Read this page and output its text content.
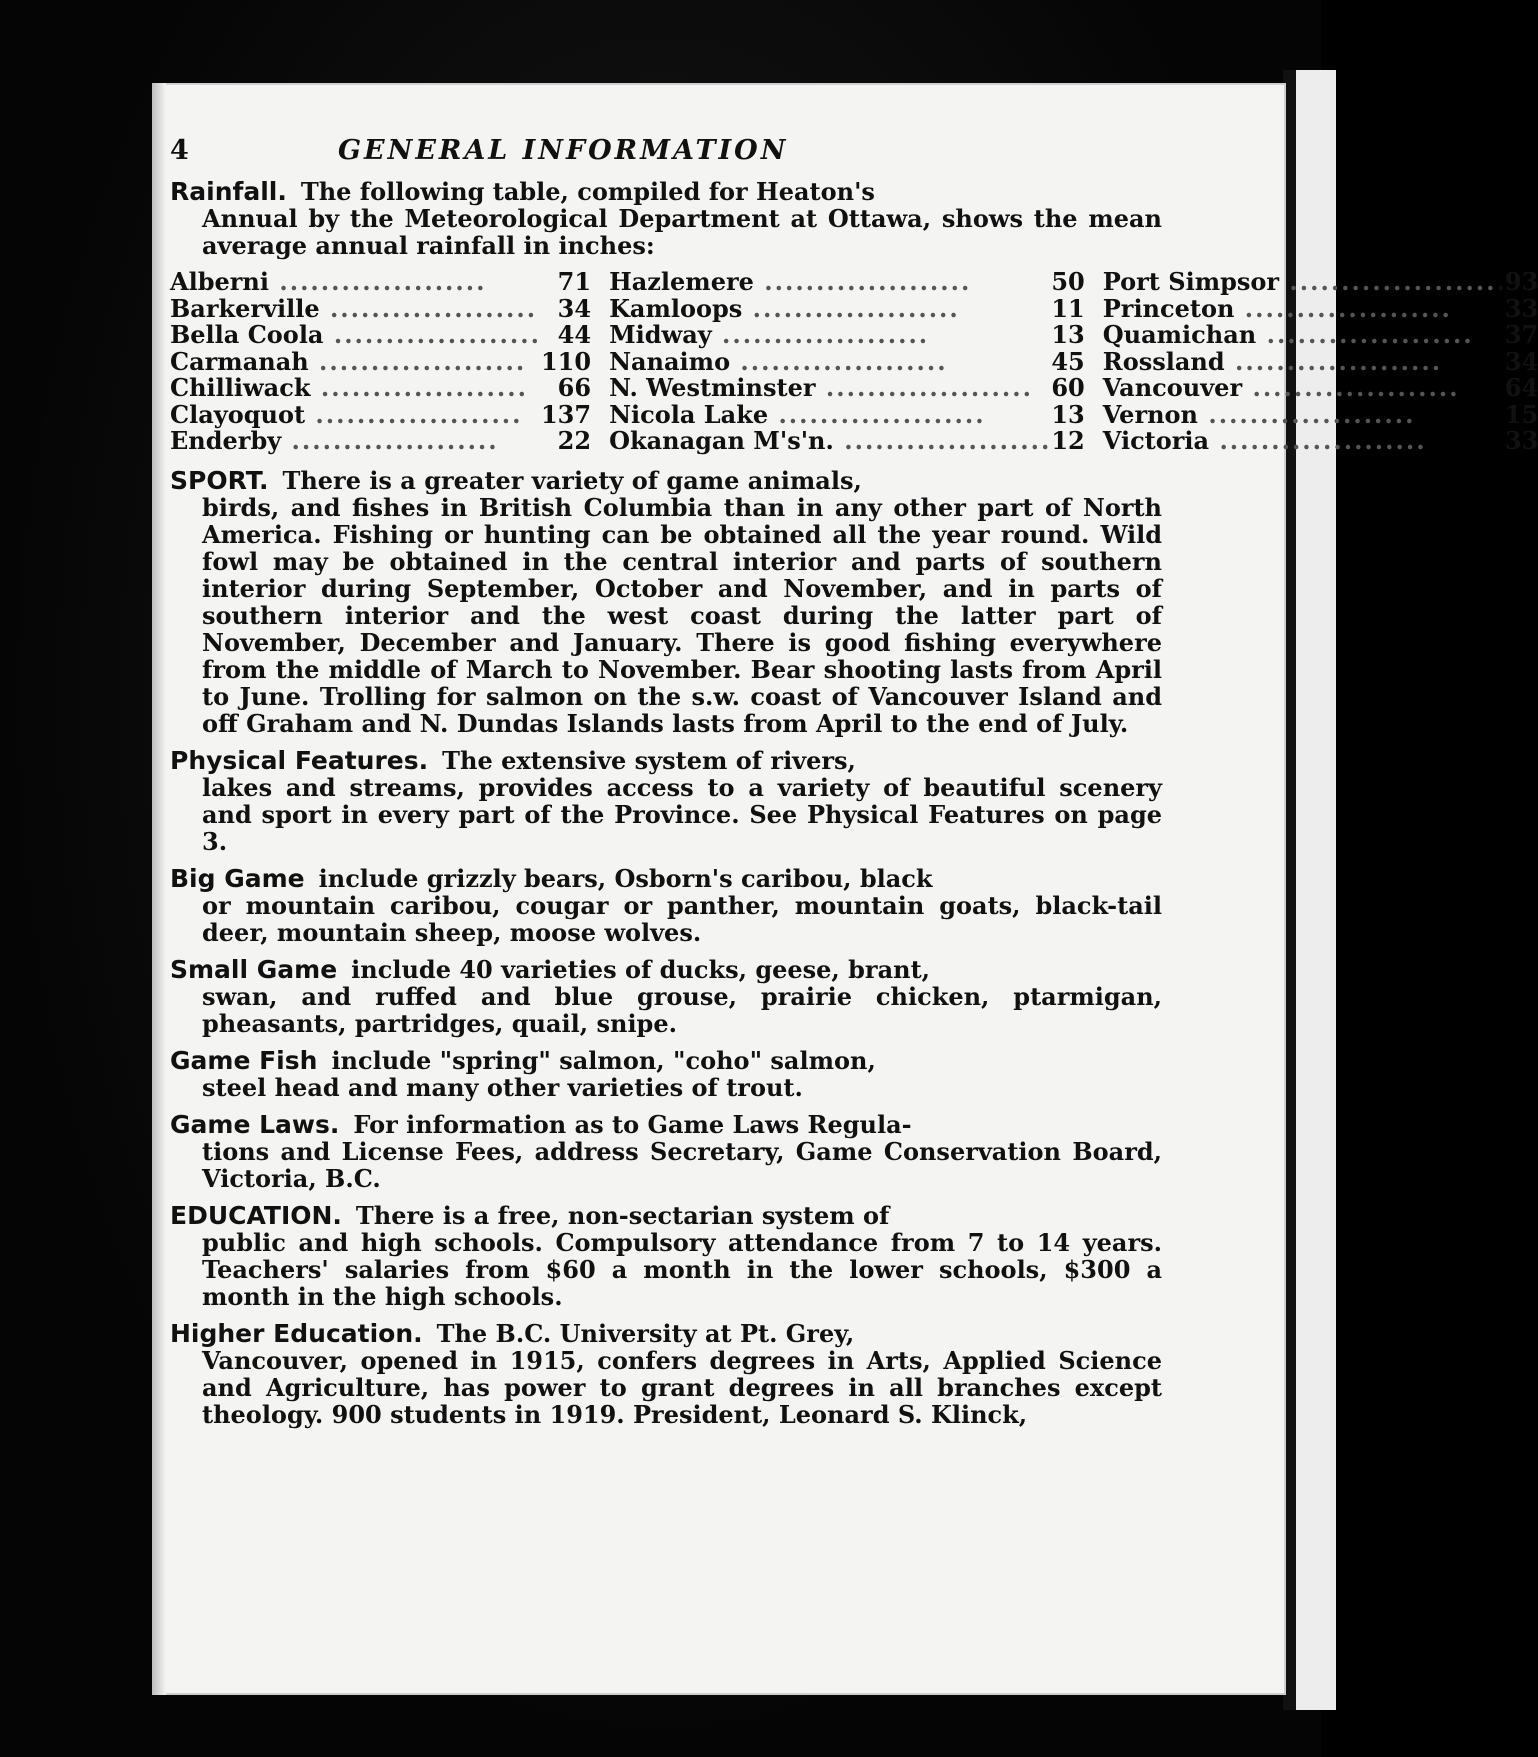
4	GENERAL INFORMATION
Rainfall. The following table, compiled for Heaton's
Annual by the Meteorological Department at Ottawa, shows the mean average annual rainfall in inches:
Alberni ....................	71	Hazlemere ....................	50	Port Simpsor ....................	.93
Barkerville ....................	34	Kamloops ....................	11	Princeton ....................	33
Bella Coola ....................	44	Midway ....................	13	Quamichan ....................	37
Carmanah ....................	110	Nanaimo ....................	45	Rossland ....................	34
Chilliwack ....................	66	N. Westminster ....................	60	Vancouver ....................	64
Clayoquot ....................	137	Nicola Lake ....................	13	Vernon ....................	15
Enderby ....................	22	Okanagan M's'n. ....................	12	Victoria ....................	33
SPORT. There is a greater variety of game animals,
birds, and fishes in British Columbia than in any other part of North America. Fishing or hunting can be obtained all the year round. Wild fowl may be obtained in the central interior and parts of southern interior during September, October and November, and in parts of southern interior and the west coast during the latter part of November, December and January. There is good fishing everywhere from the middle of March to November. Bear shooting lasts from April to June. Trolling for salmon on the s.w. coast of Vancouver Island and off Graham and N. Dundas Islands lasts from April to the end of July.
Physical Features. The extensive system of rivers,
lakes and streams, provides access to a variety of beautiful scenery and sport in every part of the Province. See Physical Features on page 3.
Big Game include grizzly bears, Osborn's caribou, black
or mountain caribou, cougar or panther, mountain goats, black-tail deer, mountain sheep, moose wolves.
Small Game include 40 varieties of ducks, geese, brant,
swan, and ruffed and blue grouse, prairie chicken, ptarmigan, pheasants, partridges, quail, snipe.
Game Fish include "spring" salmon, "coho" salmon,
steel head and many other varieties of trout.
Game Laws. For information as to Game Laws Regula-
tions and License Fees, address Secretary, Game Conservation Board, Victoria, B.C.
EDUCATION. There is a free, non-sectarian system of
public and high schools. Compulsory attendance from 7 to 14 years. Teachers' salaries from $60 a month in the lower schools, $300 a month in the high schools.
Higher Education. The B.C. University at Pt. Grey,
Vancouver, opened in 1915, confers degrees in Arts, Applied Science and Agriculture, has power to grant degrees in all branches except theology. 900 students in 1919. President, Leonard S. Klinck,
